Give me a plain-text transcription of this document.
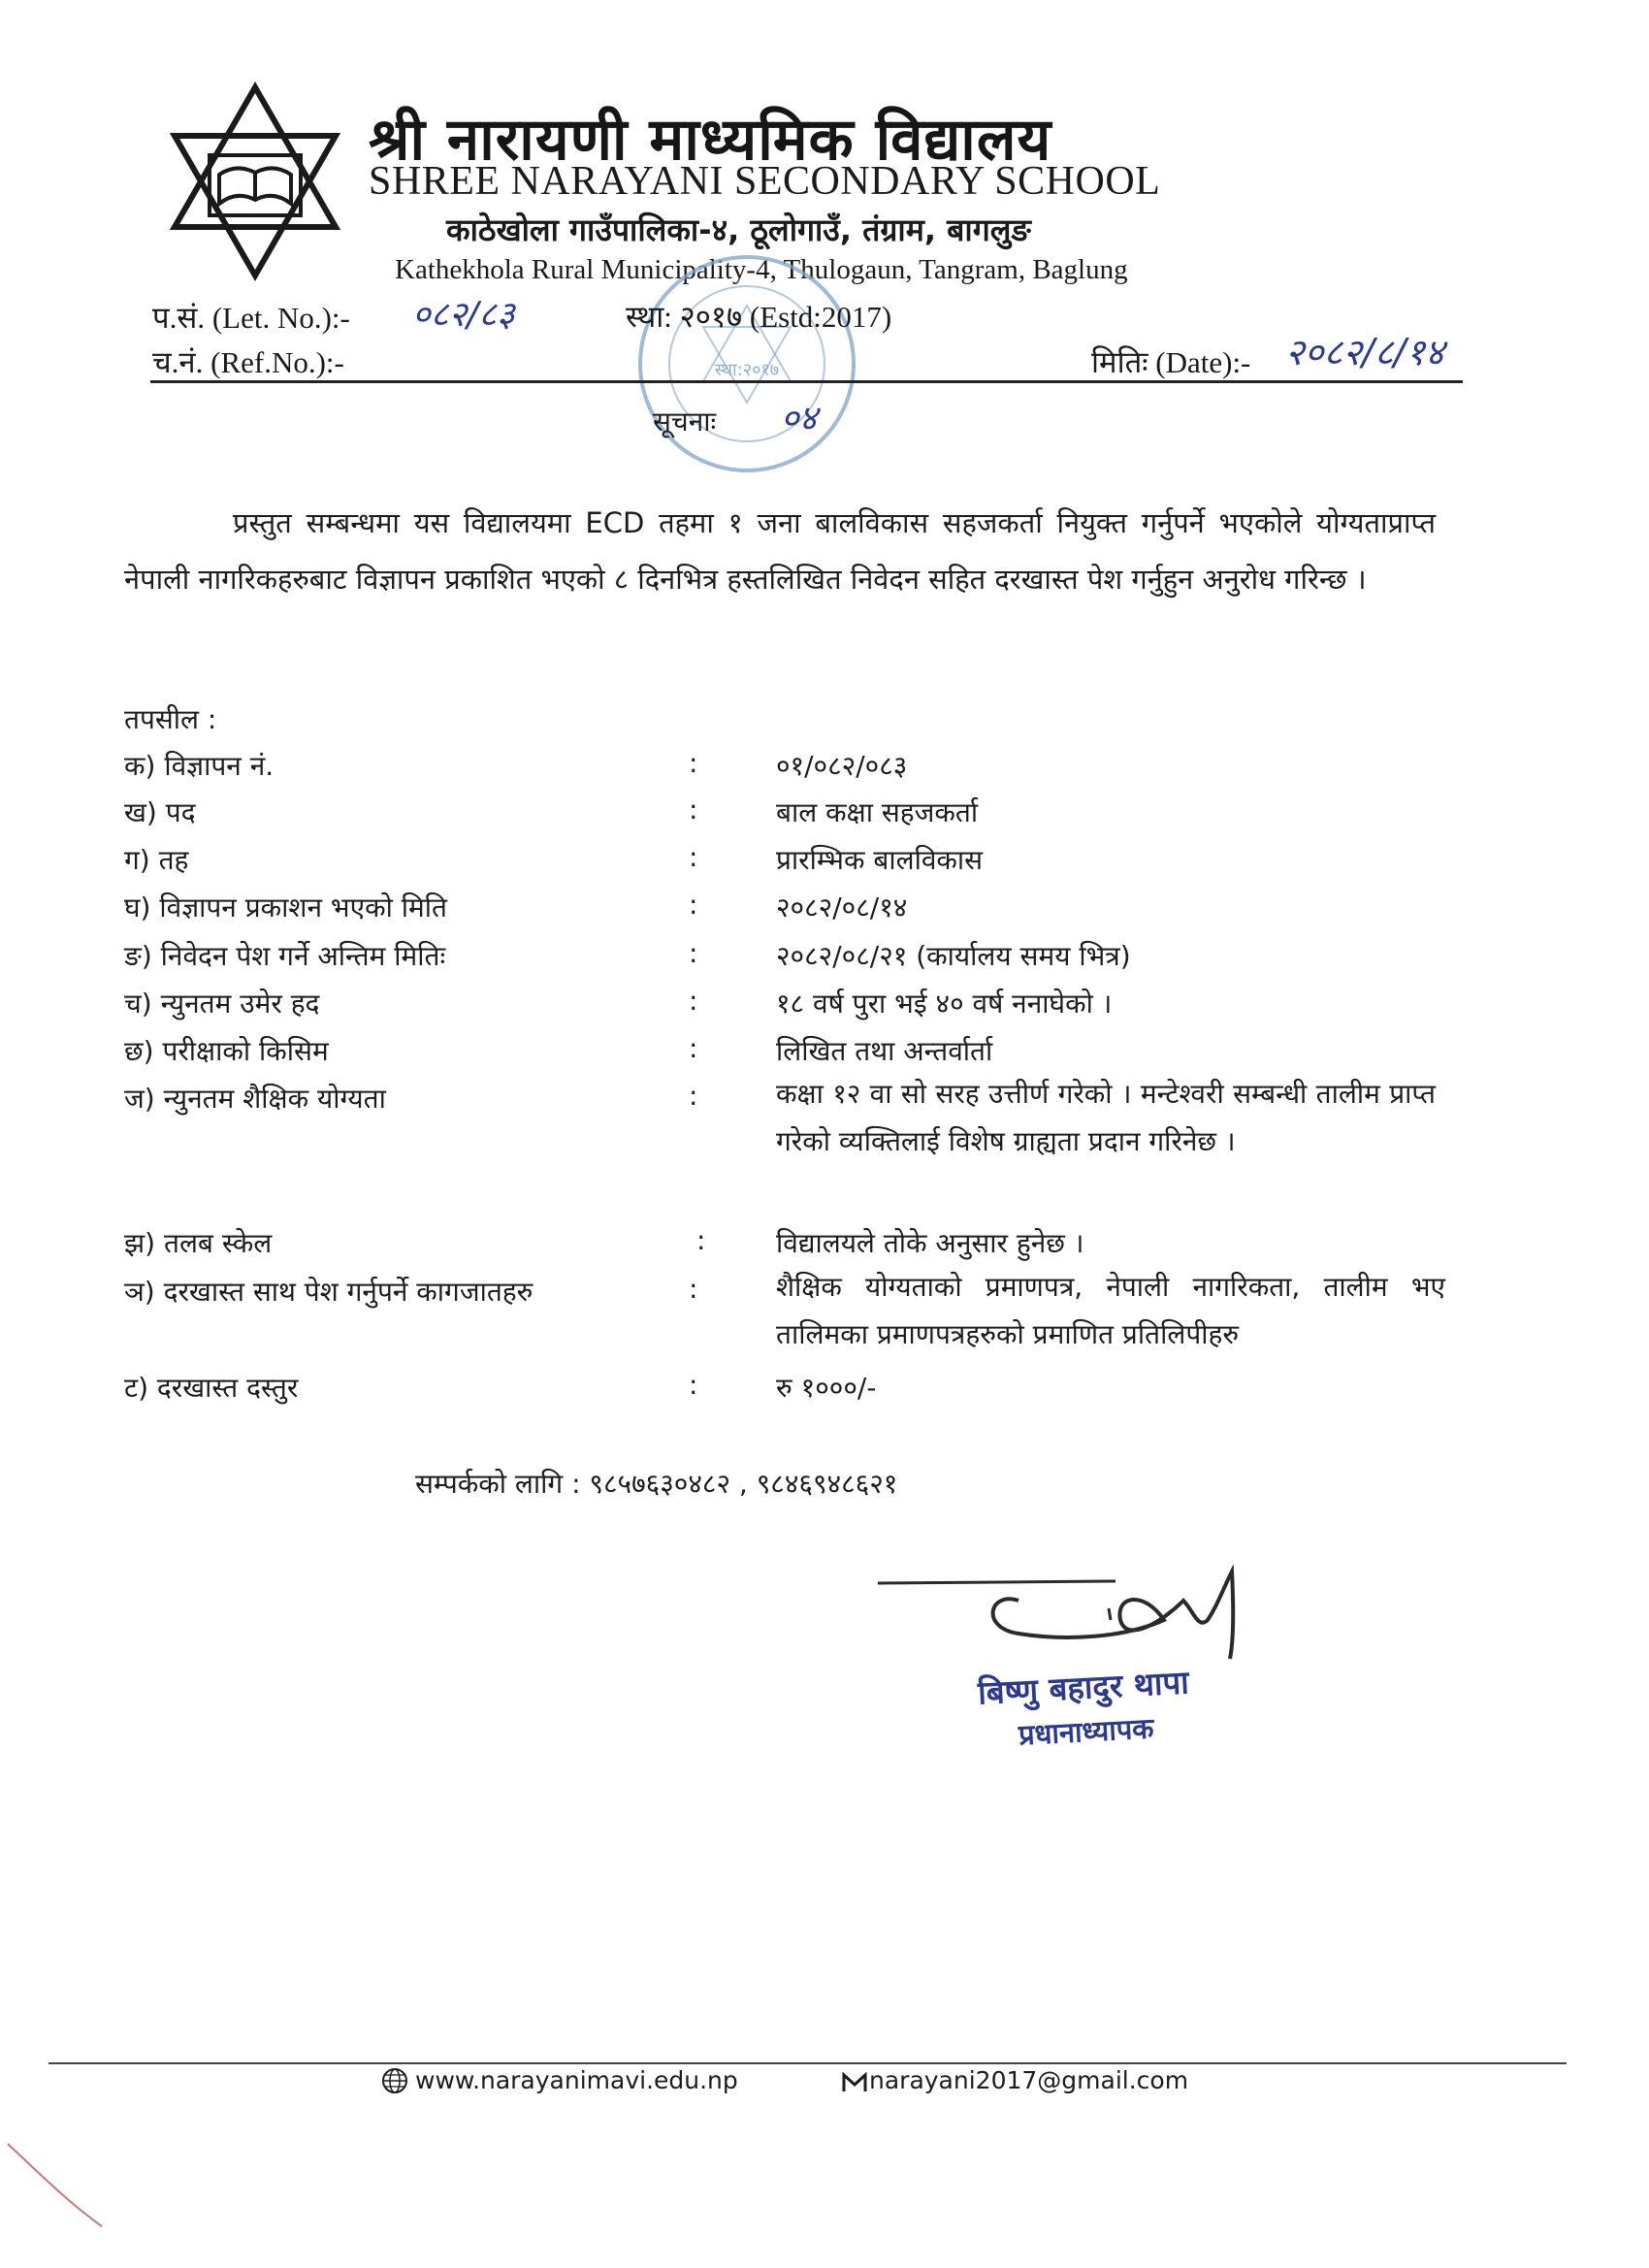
श्री नारायणी माध्यमिक विद्यालय
SHREE NARAYANI SECONDARY SCHOOL
काठेखोला गाउँपालिका-४, ठूलोगाउँ, तंग्राम, बागलुङ
Kathekhola Rural Municipality-4, Thulogaun, Tangram, Baglung
स्था:२०१७
प.सं. (Let. No.):- ०८२/८३	स्था: २०१७ (Estd:2017)
च.नं. (Ref.No.):-	मितिः (Date):- २०८२/८/१४
सूचनाः ०४
प्रस्तुत सम्बन्धमा यस विद्यालयमा ECD तहमा १ जना बालविकास सहजकर्ता नियुक्त गर्नुपर्ने भएकोले योग्यताप्राप्त नेपाली नागरिकहरुबाट विज्ञापन प्रकाशित भएको ८ दिनभित्र हस्तलिखित निवेदन सहित दरखास्त पेश गर्नुहुन अनुरोध गरिन्छ ।
तपसील :
क) विज्ञापन नं.	:	०१/०८२/०८३
ख) पद	:	बाल कक्षा सहजकर्ता
ग) तह	:	प्रारम्भिक बालविकास
घ) विज्ञापन प्रकाशन भएको मिति	:	२०८२/०८/१४
ङ) निवेदन पेश गर्ने अन्तिम मितिः	:	२०८२/०८/२१ (कार्यालय समय भित्र)
च) न्युनतम उमेर हद	:	१८ वर्ष पुरा भई ४० वर्ष ननाघेको ।
छ) परीक्षाको किसिम	:	लिखित तथा अन्तर्वार्ता
ज) न्युनतम शैक्षिक योग्यता	:	कक्षा १२ वा सो सरह उत्तीर्ण गरेको । मन्टेश्वरी सम्बन्धी तालीम प्राप्त गरेको व्यक्तिलाई विशेष ग्राह्यता प्रदान गरिनेछ ।
झ) तलब स्केल	:	विद्यालयले तोके अनुसार हुनेछ ।
ञ) दरखास्त साथ पेश गर्नुपर्ने कागजातहरु	:	शैक्षिक योग्यताको प्रमाणपत्र, नेपाली नागरिकता, तालीम भए तालिमका प्रमाणपत्रहरुको प्रमाणित प्रतिलिपीहरु
ट) दरखास्त दस्तुर	:	रु १०००/-
सम्पर्कको लागि : ९८५७६३०४८२ , ९८४६९४८६२१
बिष्णु बहादुर थापा
प्रधानाध्यापक
www.narayanimavi.edu.np	narayani2017@gmail.com
